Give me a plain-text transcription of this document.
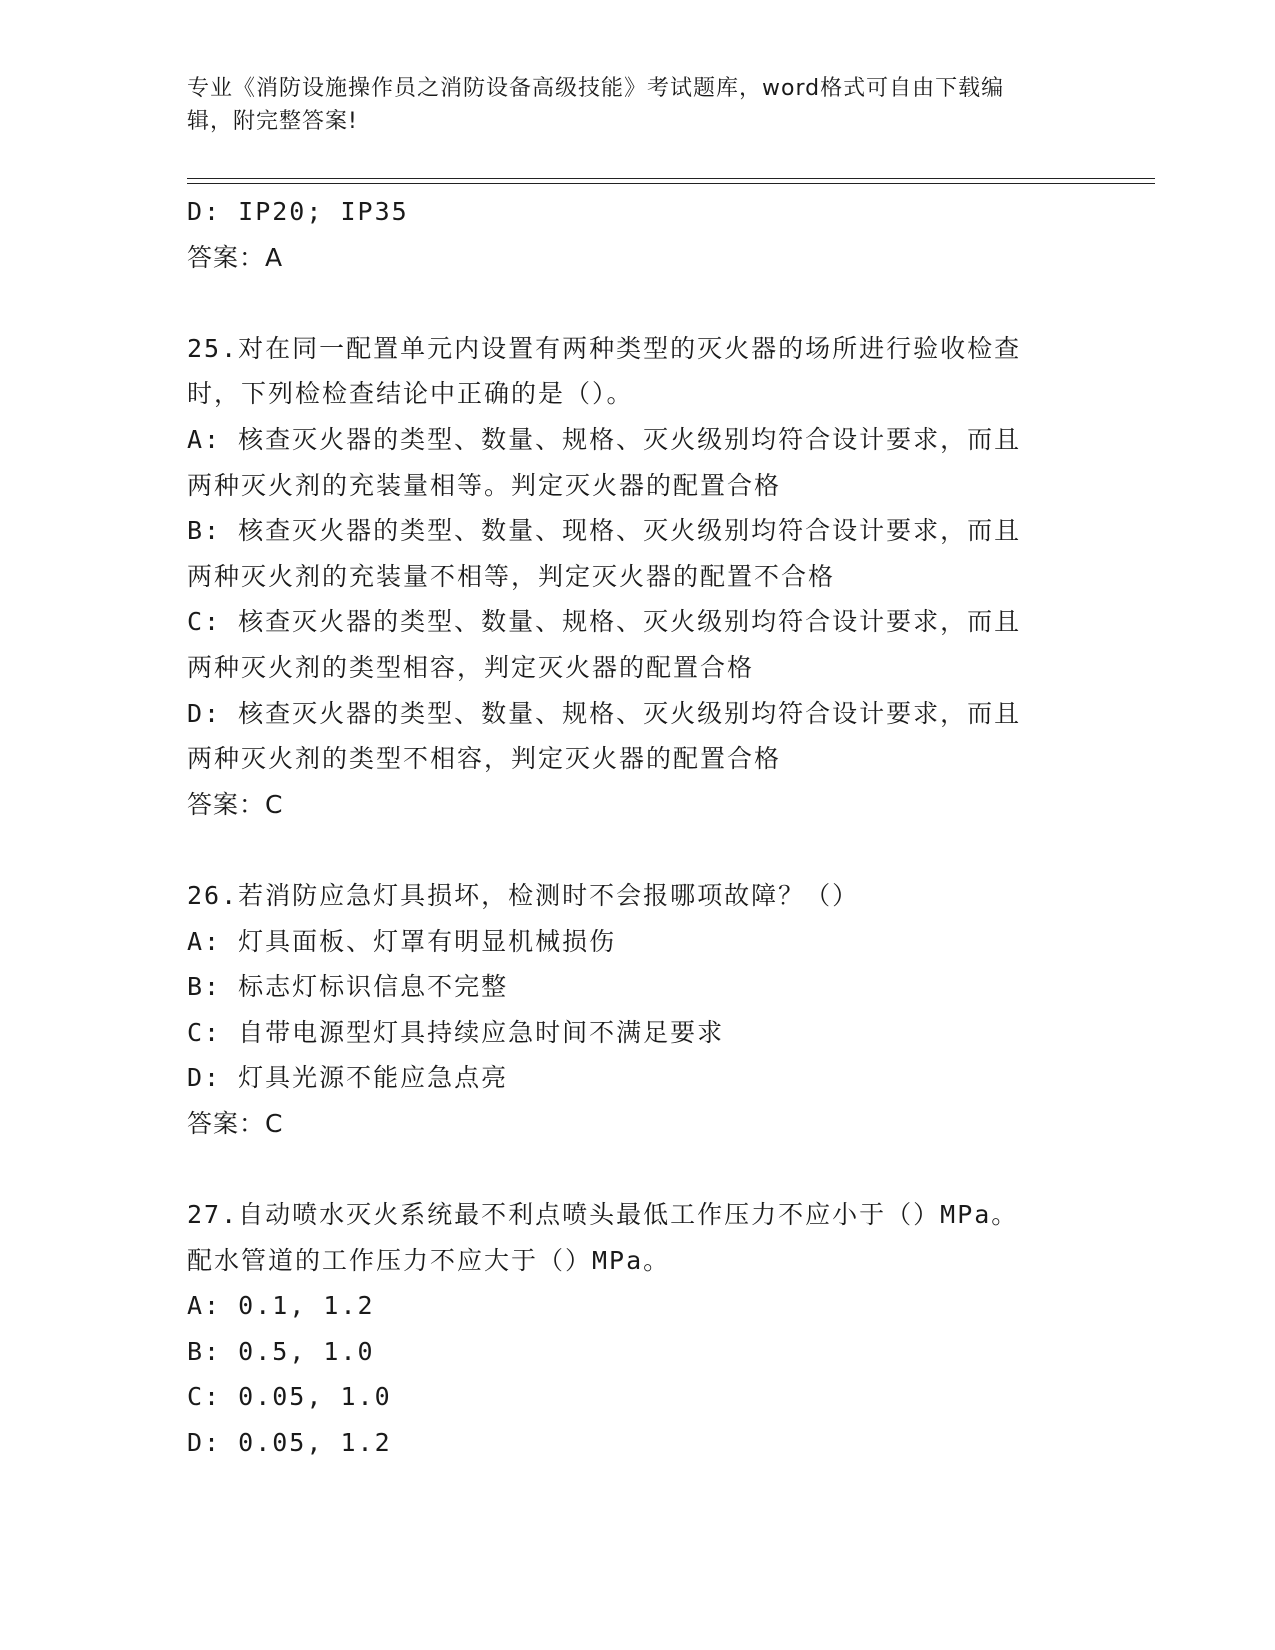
专业《消防设施操作员之消防设备高级技能》考试题库，word格式可自由下载编
辑，附完整答案!
D: IP20; IP35
答案：A
25.对在同一配置单元内设置有两种类型的灭火器的场所进行验收检查
时，下列检检查结论中正确的是（）。
A: 核查灭火器的类型、数量、规格、灭火级别均符合设计要求，而且
两种灭火剂的充装量相等。判定灭火器的配置合格
B: 核查灭火器的类型、数量、现格、灭火级别均符合设计要求，而且
两种灭火剂的充装量不相等，判定灭火器的配置不合格
C: 核查灭火器的类型、数量、规格、灭火级别均符合设计要求，而且
两种灭火剂的类型相容，判定灭火器的配置合格
D: 核查灭火器的类型、数量、规格、灭火级别均符合设计要求，而且
两种灭火剂的类型不相容，判定灭火器的配置合格
答案：C
26.若消防应急灯具损坏，检测时不会报哪项故障？（）
A: 灯具面板、灯罩有明显机械损伤
B: 标志灯标识信息不完整
C: 自带电源型灯具持续应急时间不满足要求
D: 灯具光源不能应急点亮
答案：C
27.自动喷水灭火系统最不利点喷头最低工作压力不应小于（）MPa。
配水管道的工作压力不应大于（）MPa。
A: 0.1, 1.2
B: 0.5, 1.0
C: 0.05, 1.0
D: 0.05, 1.2
